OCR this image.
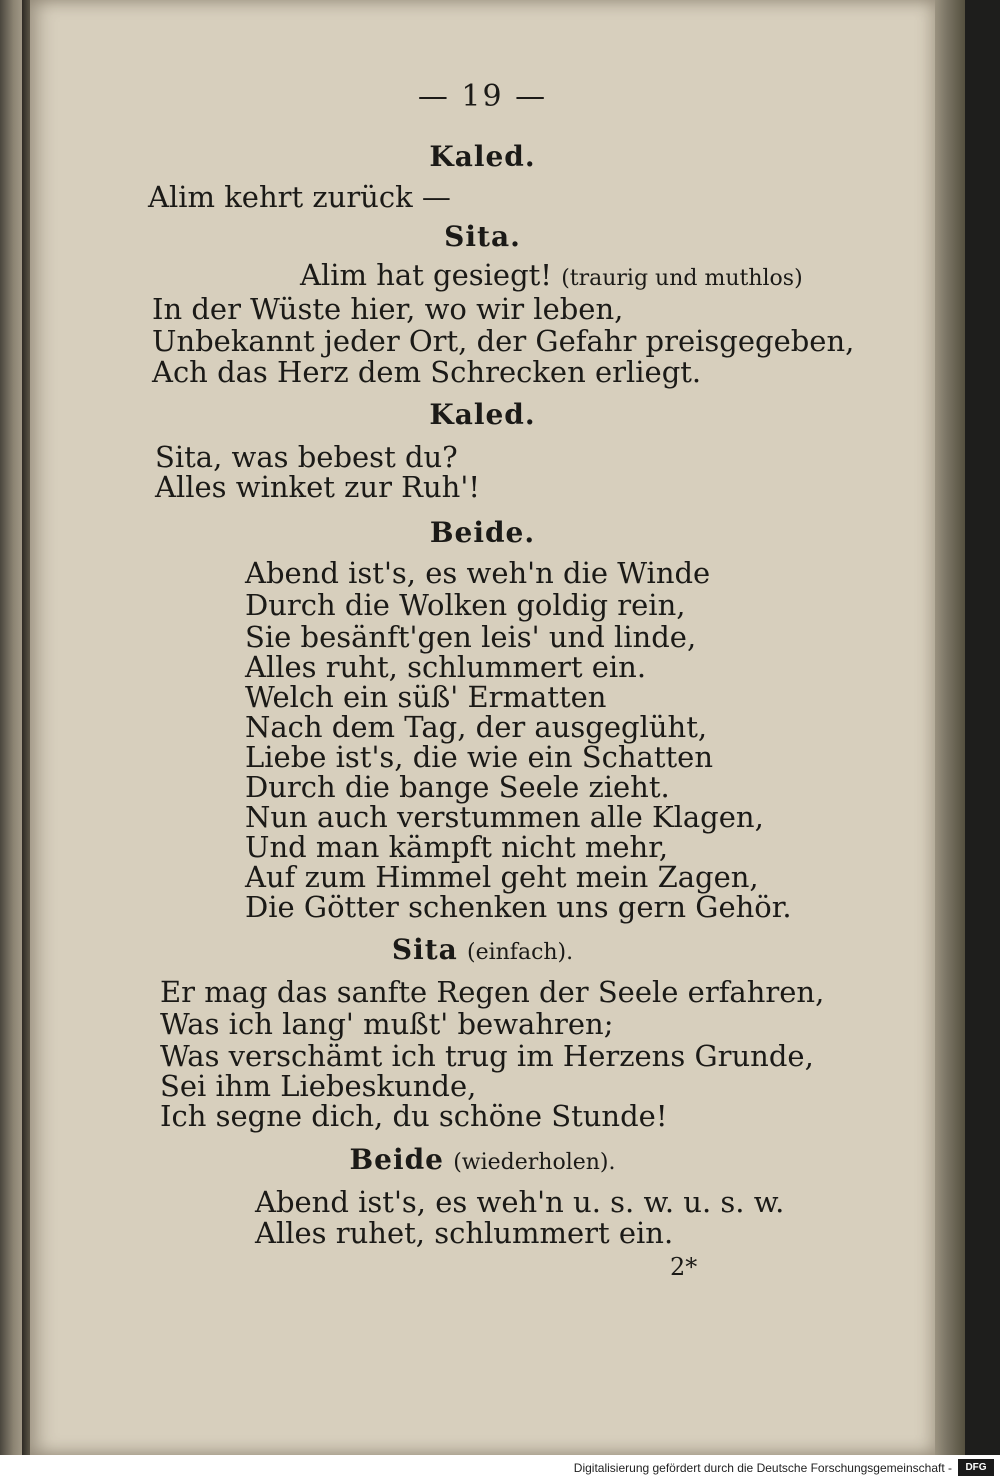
— 19 —
Kaled.
Alim kehrt zurück —
Sita.
Alim hat gesiegt! (traurig und muthlos)
In der Wüste hier, wo wir leben,
Unbekannt jeder Ort, der Gefahr preisgegeben,
Ach das Herz dem Schrecken erliegt.
Kaled.
Sita, was bebest du?
Alles winket zur Ruh'!
Beide.
Abend ist's, es weh'n die Winde
Durch die Wolken goldig rein,
Sie besänft'gen leis' und linde,
Alles ruht, schlummert ein.
Welch ein süß' Ermatten
Nach dem Tag, der ausgeglüht,
Liebe ist's, die wie ein Schatten
Durch die bange Seele zieht.
Nun auch verstummen alle Klagen,
Und man kämpft nicht mehr,
Auf zum Himmel geht mein Zagen,
Die Götter schenken uns gern Gehör.
Sita (einfach).
Er mag das sanfte Regen der Seele erfahren,
Was ich lang' mußt' bewahren;
Was verschämt ich trug im Herzens Grunde,
Sei ihm Liebeskunde,
Ich segne dich, du schöne Stunde!
Beide (wiederholen).
Abend ist's, es weh'n u. s. w. u. s. w.
Alles ruhet, schlummert ein.
2*
Digitalisierung gefördert durch die Deutsche Forschungsgemeinschaft -	DFG
